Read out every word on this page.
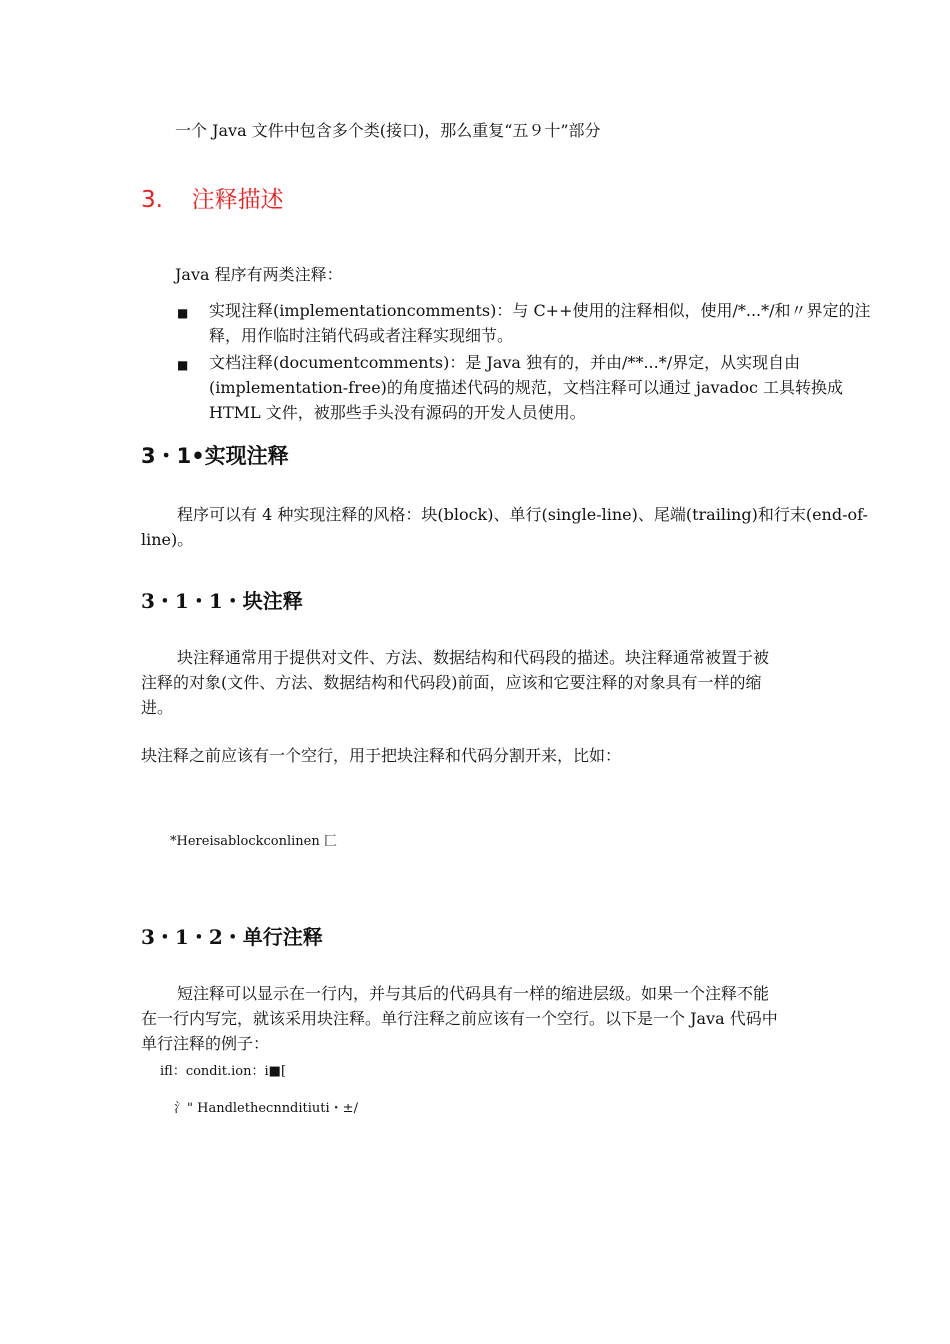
一个 Java 文件中包含多个类(接口)，那么重复“五９十”部分
3. 注释描述
Java 程序有两类注释：
■ 实现注释(implementationcomments)：与 C++使用的注释相似，使用/*...*/和〃界定的注
释，用作临时注销代码或者注释实现细节。
■ 文档注释(documentcomments)：是 Java 独有的，并由/**...*/界定，从实现自由
(implementation-free)的角度描述代码的规范，文档注释可以通过 javadoc 工具转换成
HTML 文件，被那些手头没有源码的开发人员使用。
3・1•实现注释
程序可以有 4 种实现注释的风格：块(block)、单行(single-line)、尾端(trailing)和行末(end-of-
line)。
3・1・1・块注释
块注释通常用于提供对文件、方法、数据结构和代码段的描述。块注释通常被置于被
注释的对象(文件、方法、数据结构和代码段)前面，应该和它要注释的对象具有一样的缩
进。
块注释之前应该有一个空行，用于把块注释和代码分割开来，比如：
*Hereisablockconlinen 匚
3・1・2・单行注释
短注释可以显示在一行内，并与其后的代码具有一样的缩进层级。如果一个注释不能
在一行内写完，就该采用块注释。单行注释之前应该有一个空行。以下是一个 Java 代码中
单行注释的例子：
ifl：condit.ion：i■[
氵" Handlethecnnditiuti・±/
